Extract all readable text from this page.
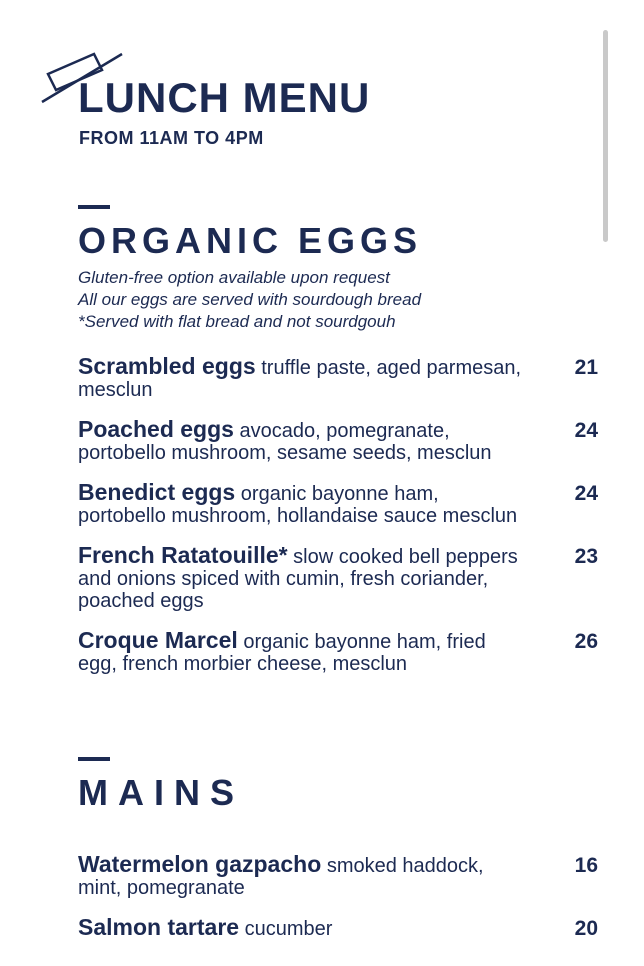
LUNCH MENU

FROM 11AM TO 4PM

ORGANIC EGGS

Gluten-free option available upon request

All our eggs are served with sourdough bread

*Served with flat bread and not sourdgouh

Scrambled eggs truffle paste, aged parmesan, mesclun
21
Poached eggs avocado, pomegranate, portobello mushroom, sesame seeds, mesclun
24
Benedict eggs organic bayonne ham, portobello mushroom, hollandaise sauce mesclun
24
French Ratatouille* slow cooked bell peppers and onions spiced with cumin, fresh coriander, poached eggs
23
Croque Marcel organic bayonne ham, fried egg, french morbier cheese, mesclun
26
MAINS
Watermelon gazpacho smoked haddock, mint, pomegranate
16
Salmon tartare cucumber	20
